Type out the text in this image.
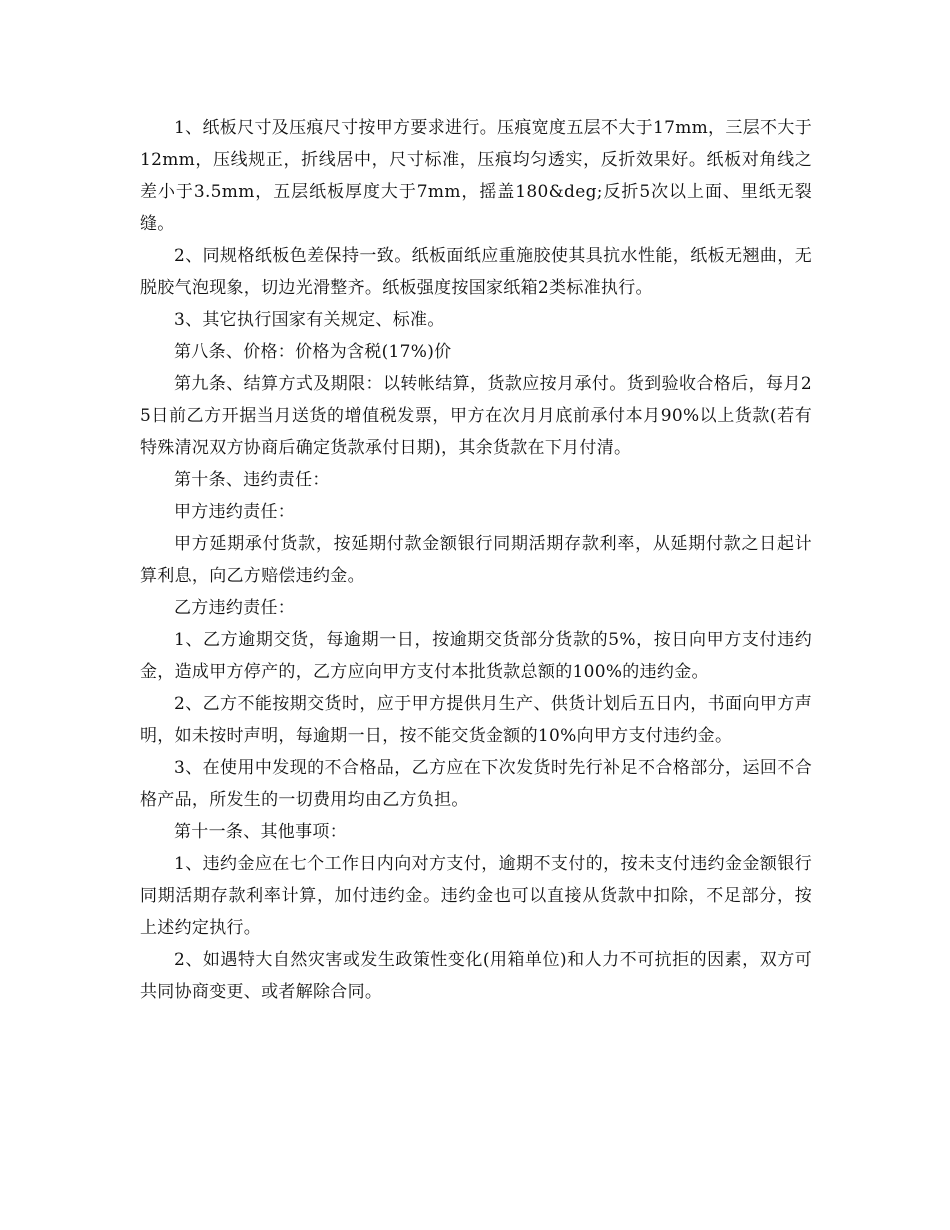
1、纸板尺寸及压痕尺寸按甲方要求进行。压痕宽度五层不大于17mm，三层不大于12mm，压线规正，折线居中，尺寸标准，压痕均匀透实，反折效果好。纸板对角线之差小于3.5mm，五层纸板厚度大于7mm，摇盖180&deg;反折5次以上面、里纸无裂缝。

2、同规格纸板色差保持一致。纸板面纸应重施胶使其具抗水性能，纸板无翘曲，无脱胶气泡现象，切边光滑整齐。纸板强度按国家纸箱2类标准执行。

3、其它执行国家有关规定、标准。

第八条、价格：价格为含税(17%)价

第九条、结算方式及期限：以转帐结算，货款应按月承付。货到验收合格后，每月25日前乙方开据当月送货的增值税发票，甲方在次月月底前承付本月90%以上货款(若有特殊清况双方协商后确定货款承付日期)，其余货款在下月付清。

第十条、违约责任：

甲方违约责任：

甲方延期承付货款，按延期付款金额银行同期活期存款利率，从延期付款之日起计算利息，向乙方赔偿违约金。

乙方违约责任：

1、乙方逾期交货，每逾期一日，按逾期交货部分货款的5%，按日向甲方支付违约金，造成甲方停产的，乙方应向甲方支付本批货款总额的100%的违约金。

2、乙方不能按期交货时，应于甲方提供月生产、供货计划后五日内，书面向甲方声明，如未按时声明，每逾期一日，按不能交货金额的10%向甲方支付违约金。

3、在使用中发现的不合格品，乙方应在下次发货时先行补足不合格部分，运回不合格产品，所发生的一切费用均由乙方负担。

第十一条、其他事项：

1、违约金应在七个工作日内向对方支付，逾期不支付的，按未支付违约金金额银行同期活期存款利率计算，加付违约金。违约金也可以直接从货款中扣除，不足部分，按上述约定执行。

2、如遇特大自然灾害或发生政策性变化(用箱单位)和人力不可抗拒的因素，双方可共同协商变更、或者解除合同。
